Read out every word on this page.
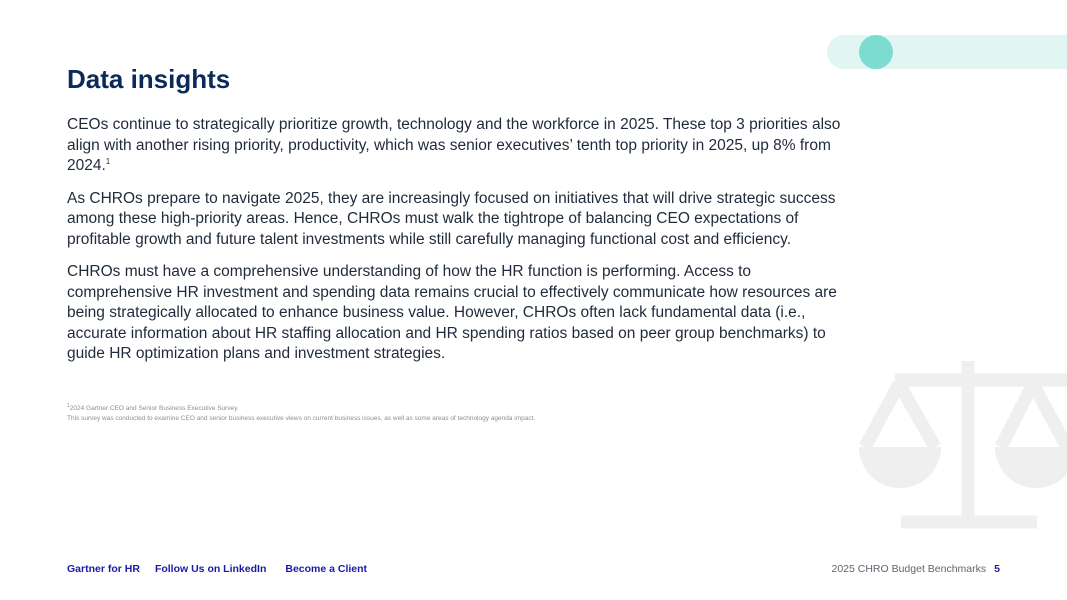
Data insights

CEOs continue to strategically prioritize growth, technology and the workforce in 2025. These top 3 priorities also align with another rising priority, productivity, which was senior executives’ tenth top priority in 2025, up 8% from 2024.$^1$

As CHROs prepare to navigate 2025, they are increasingly focused on initiatives that will drive strategic success among these high-priority areas. Hence, CHROs must walk the tightrope of balancing CEO expectations of profitable growth and future talent investments while still carefully managing functional cost and efficiency.

CHROs must have a comprehensive understanding of how the HR function is performing. Access to comprehensive HR investment and spending data remains crucial to effectively communicate how resources are being strategically allocated to enhance business value. However, CHROs often lack fundamental data (i.e., accurate information about HR staffing allocation and HR spending ratios based on peer group benchmarks) to guide HR optimization plans and investment strategies.

$^1$2024 Gartner CEO and Senior Business Executive Survey.
This survey was conducted to examine CEO and senior business executive views on current business issues, as well as some areas of technology agenda impact.
Gartner for HR Follow Us on LinkedIn Become a Client	2025 CHRO Budget Benchmarks 5
